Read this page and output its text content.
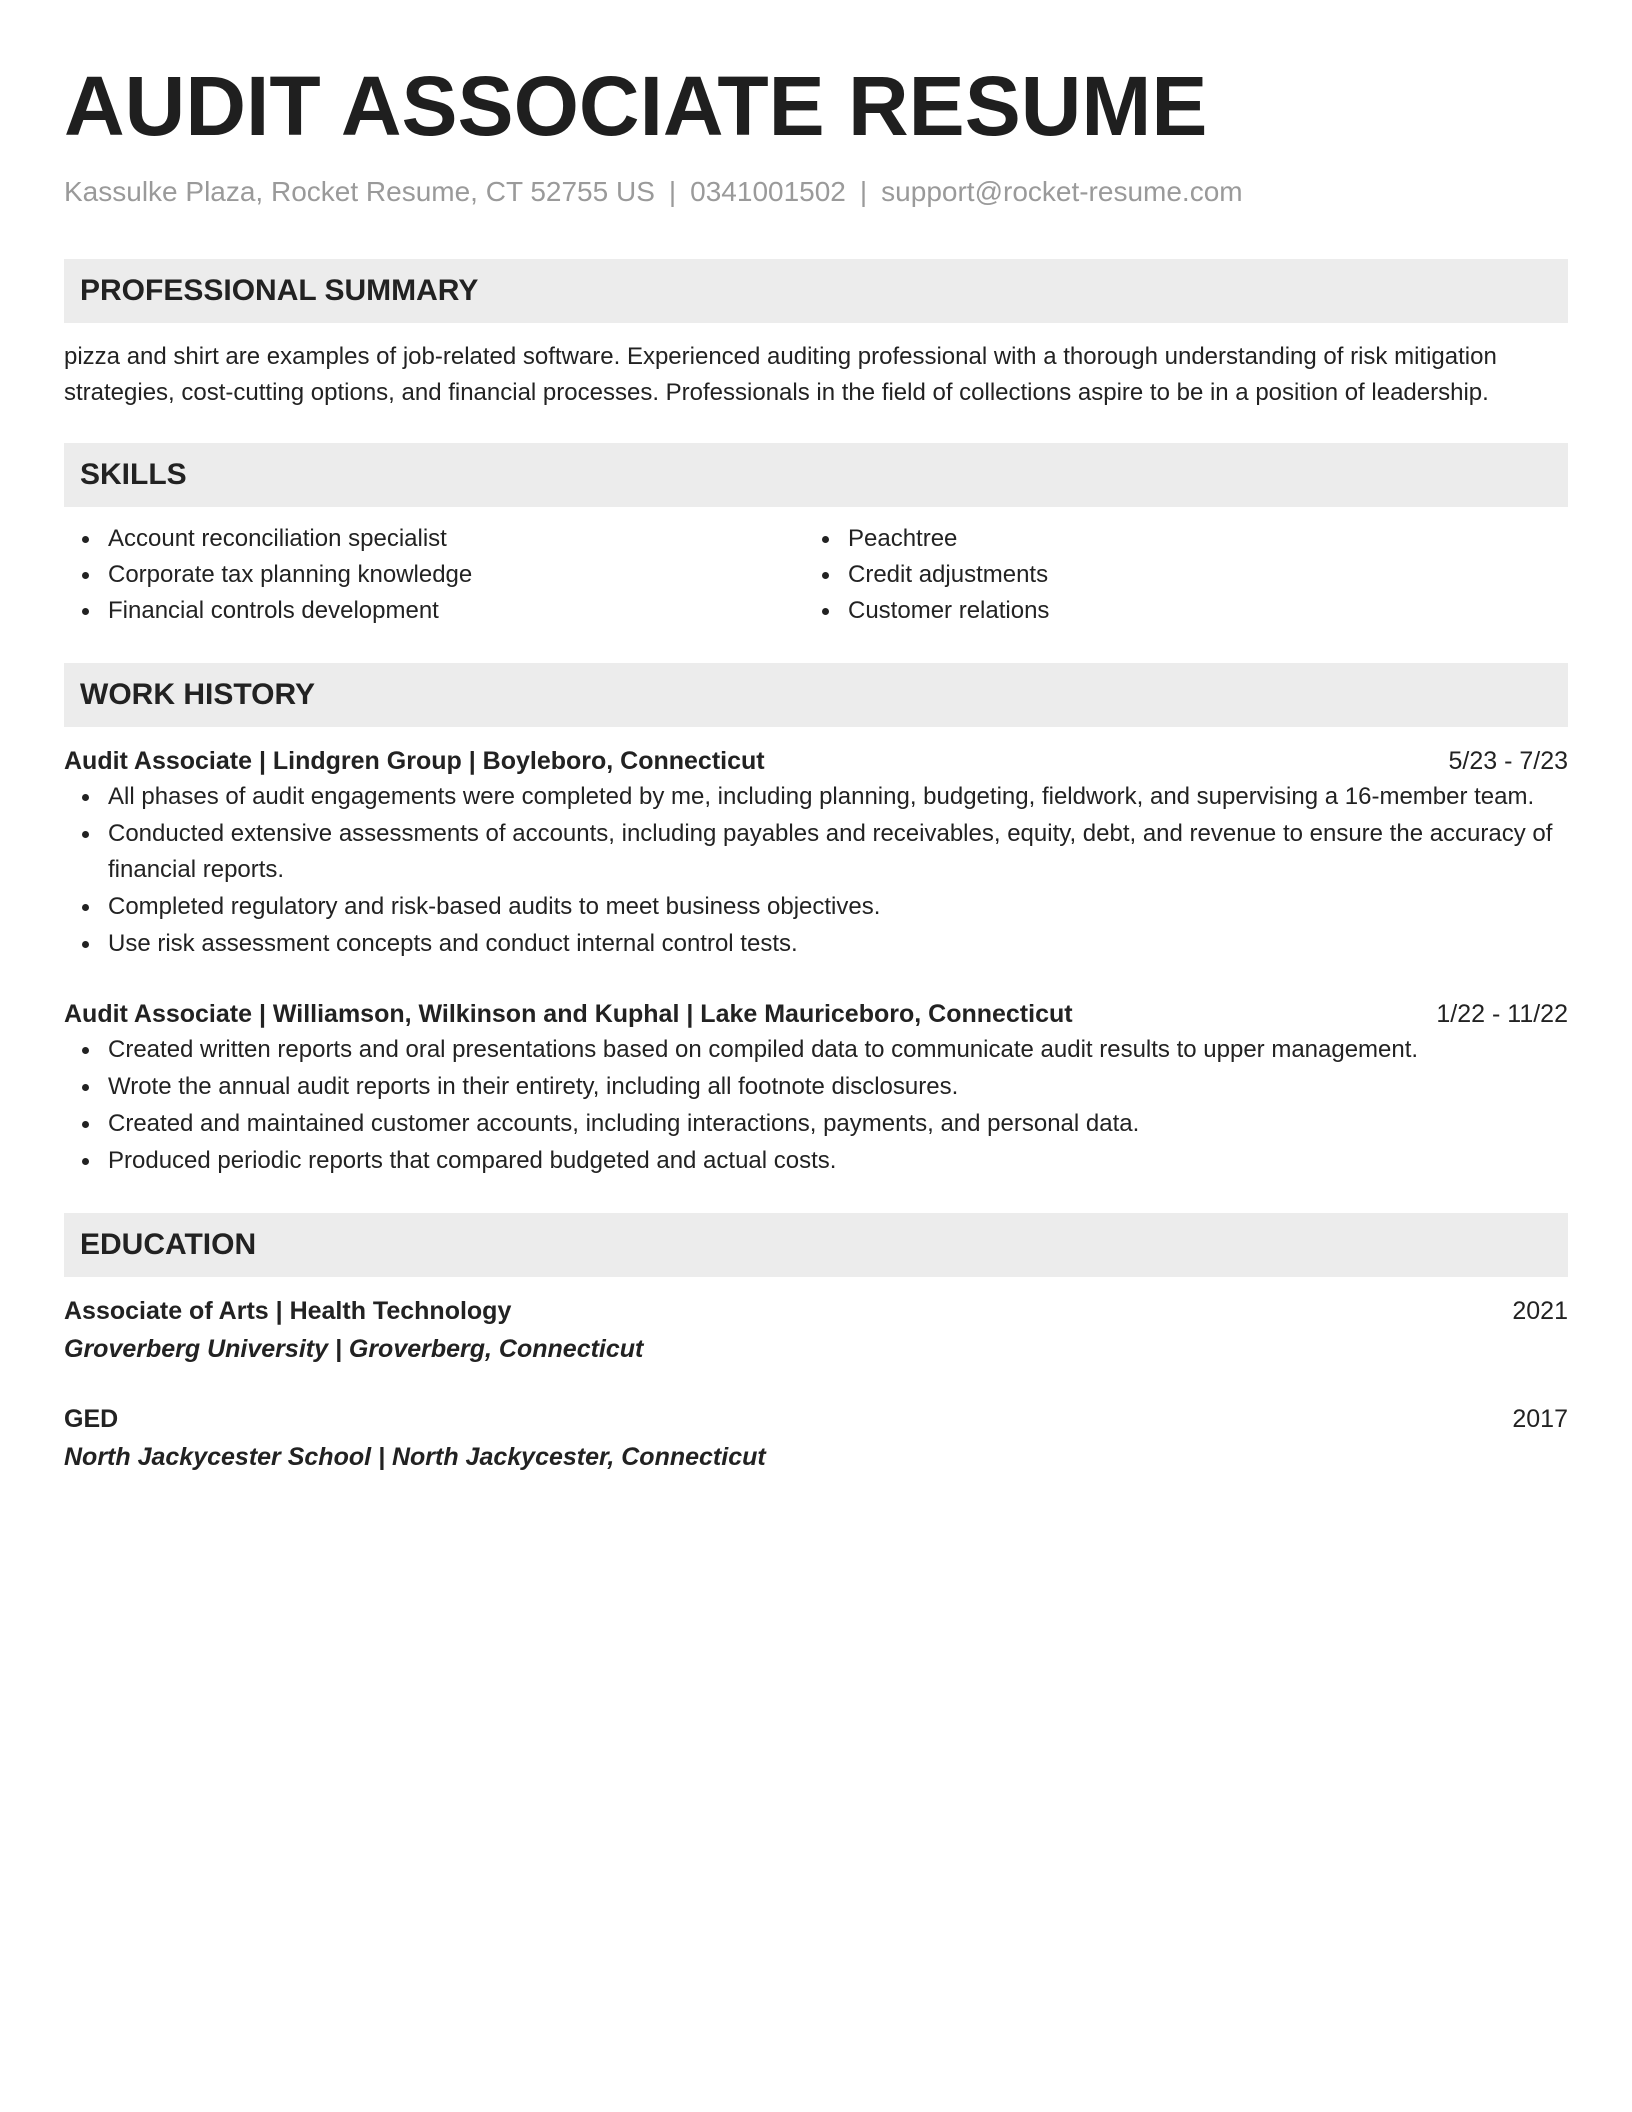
AUDIT ASSOCIATE RESUME
Kassulke Plaza, Rocket Resume, CT 52755 US | 0341001502 | support@rocket-resume.com
PROFESSIONAL SUMMARY
pizza and shirt are examples of job-related software. Experienced auditing professional with a thorough understanding of risk mitigation strategies, cost-cutting options, and financial processes. Professionals in the field of collections aspire to be in a position of leadership.
SKILLS
Account reconciliation specialist
Corporate tax planning knowledge
Financial controls development
Peachtree
Credit adjustments
Customer relations
WORK HISTORY
Audit Associate | Lindgren Group | Boyleboro, Connecticut	5/23 - 7/23
All phases of audit engagements were completed by me, including planning, budgeting, fieldwork, and supervising a 16-member team.
Conducted extensive assessments of accounts, including payables and receivables, equity, debt, and revenue to ensure the accuracy of financial reports.
Completed regulatory and risk-based audits to meet business objectives.
Use risk assessment concepts and conduct internal control tests.
Audit Associate | Williamson, Wilkinson and Kuphal | Lake Mauriceboro, Connecticut	1/22 - 11/22
Created written reports and oral presentations based on compiled data to communicate audit results to upper management.
Wrote the annual audit reports in their entirety, including all footnote disclosures.
Created and maintained customer accounts, including interactions, payments, and personal data.
Produced periodic reports that compared budgeted and actual costs.
EDUCATION
Associate of Arts | Health Technology	2021
Groverberg University | Groverberg, Connecticut
GED	2017
North Jackycester School | North Jackycester, Connecticut
